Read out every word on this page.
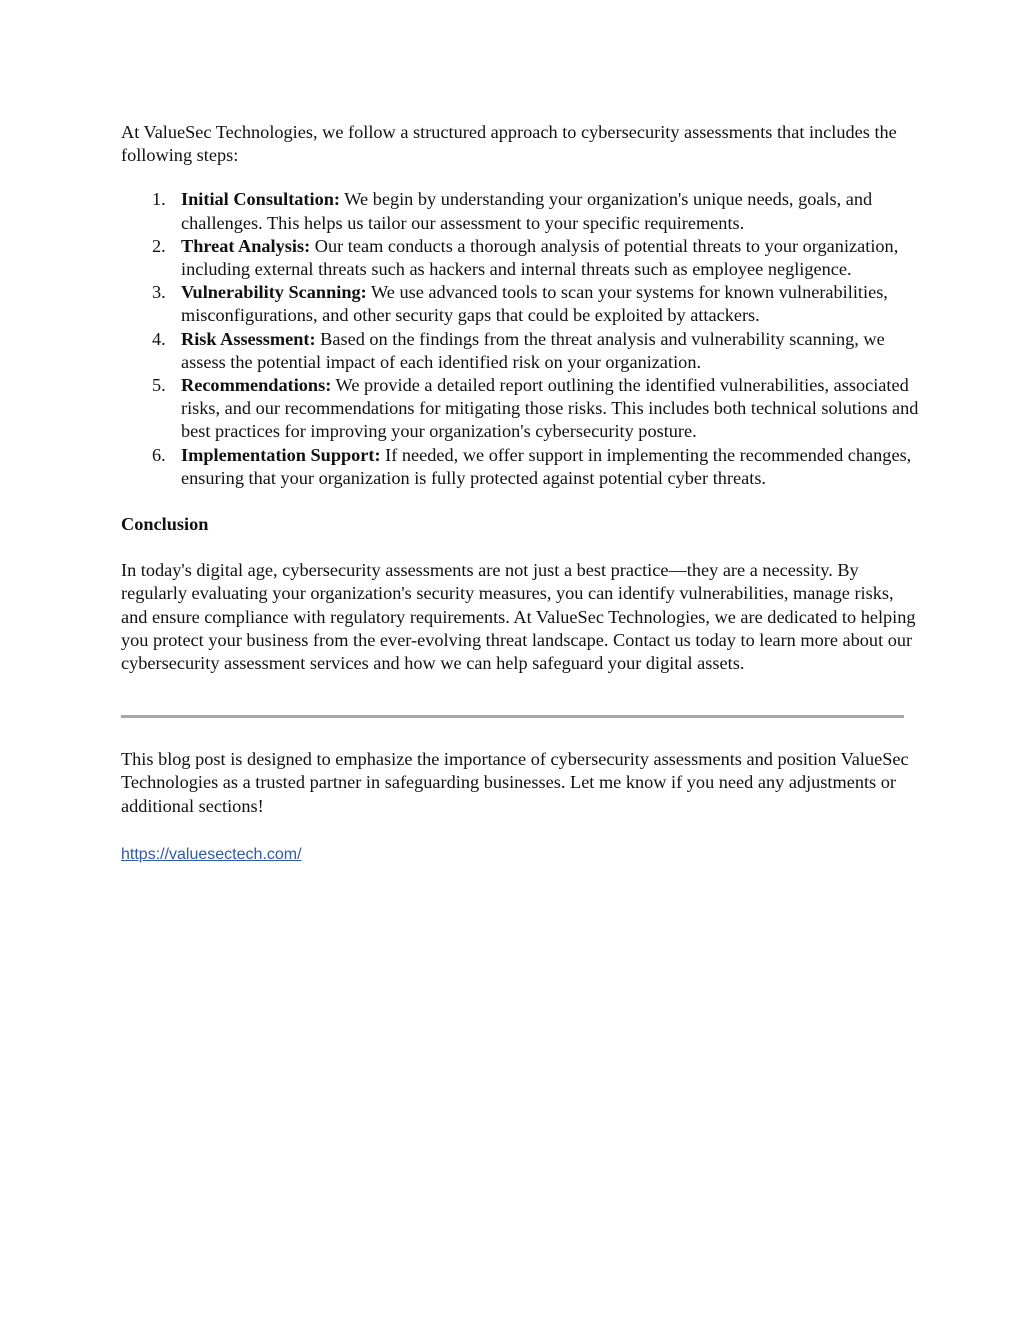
At ValueSec Technologies, we follow a structured approach to cybersecurity assessments that includes the following steps:

1. Initial Consultation: We begin by understanding your organization's unique needs, goals, and challenges. This helps us tailor our assessment to your specific requirements.
2. Threat Analysis: Our team conducts a thorough analysis of potential threats to your organization, including external threats such as hackers and internal threats such as employee negligence.
3. Vulnerability Scanning: We use advanced tools to scan your systems for known vulnerabilities, misconfigurations, and other security gaps that could be exploited by attackers.
4. Risk Assessment: Based on the findings from the threat analysis and vulnerability scanning, we assess the potential impact of each identified risk on your organization.
5. Recommendations: We provide a detailed report outlining the identified vulnerabilities, associated risks, and our recommendations for mitigating those risks. This includes both technical solutions and best practices for improving your organization's cybersecurity posture.
6. Implementation Support: If needed, we offer support in implementing the recommended changes, ensuring that your organization is fully protected against potential cyber threats.

Conclusion

In today's digital age, cybersecurity assessments are not just a best practice—they are a necessity. By regularly evaluating your organization's security measures, you can identify vulnerabilities, manage risks, and ensure compliance with regulatory requirements. At ValueSec Technologies, we are dedicated to helping you protect your business from the ever-evolving threat landscape. Contact us today to learn more about our cybersecurity assessment services and how we can help safeguard your digital assets.

This blog post is designed to emphasize the importance of cybersecurity assessments and position ValueSec Technologies as a trusted partner in safeguarding businesses. Let me know if you need any adjustments or additional sections!

https://valuesectech.com/
